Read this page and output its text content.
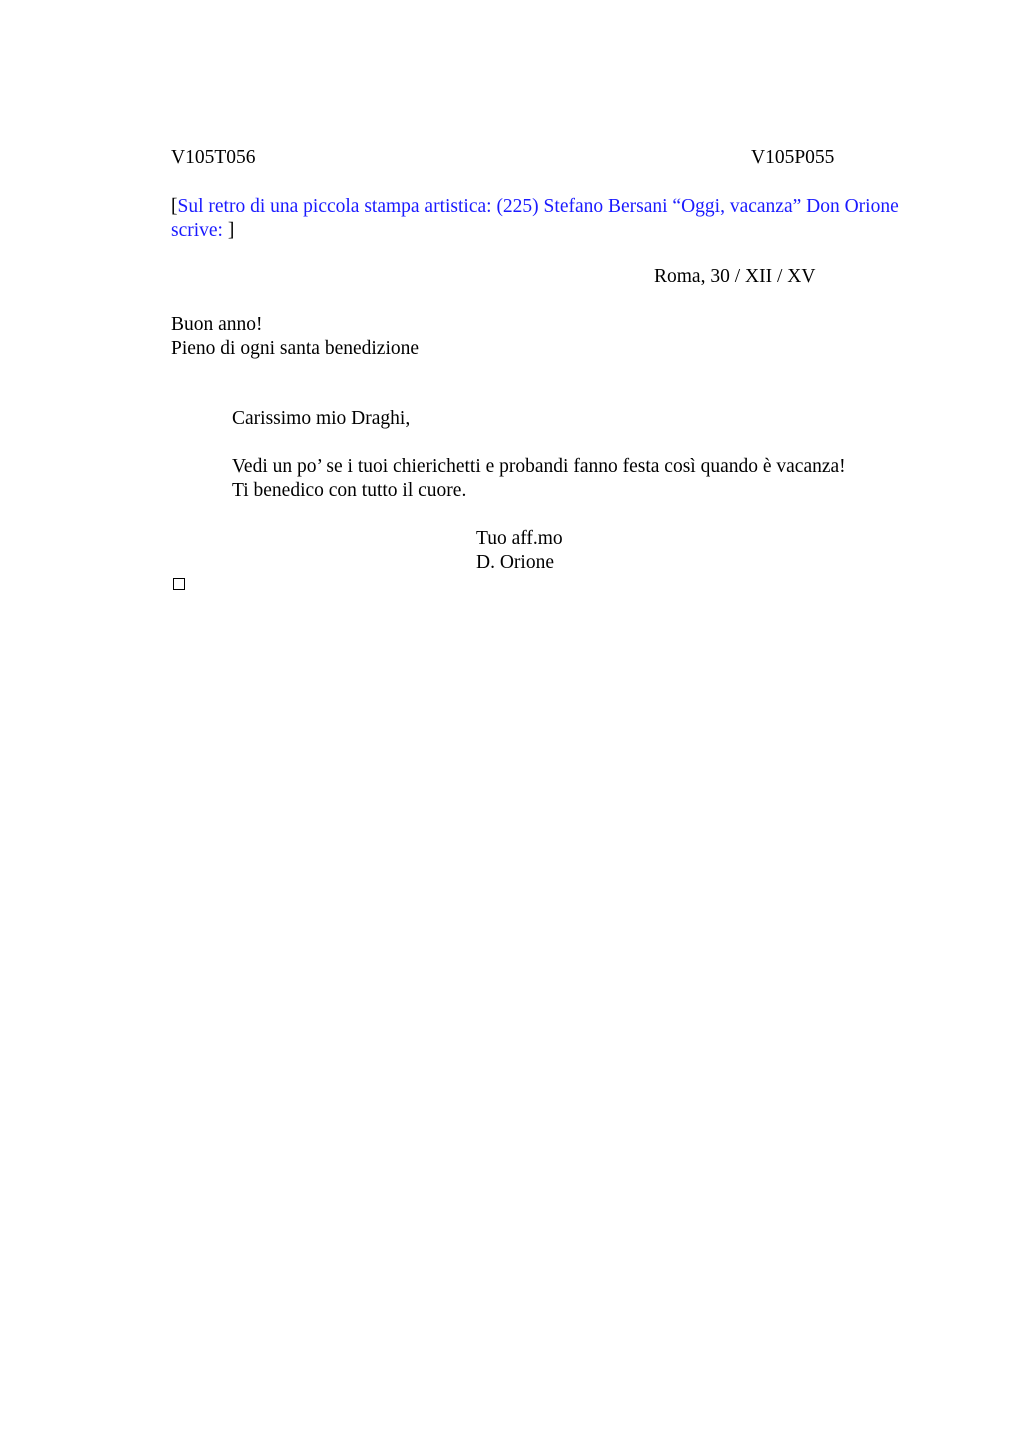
V105T056	V105P055
[Sul retro di una piccola stampa artistica: (225) Stefano Bersani “Oggi, vacanza” Don Orione scrive: ]
Roma, 30 / XII / XV
Buon anno!
Pieno di ogni santa benedizione
Carissimo mio Draghi,
Vedi un po’ se i tuoi chierichetti e probandi fanno festa così quando è vacanza!
Ti benedico con tutto il cuore.
Tuo aff.mo
D. Orione
